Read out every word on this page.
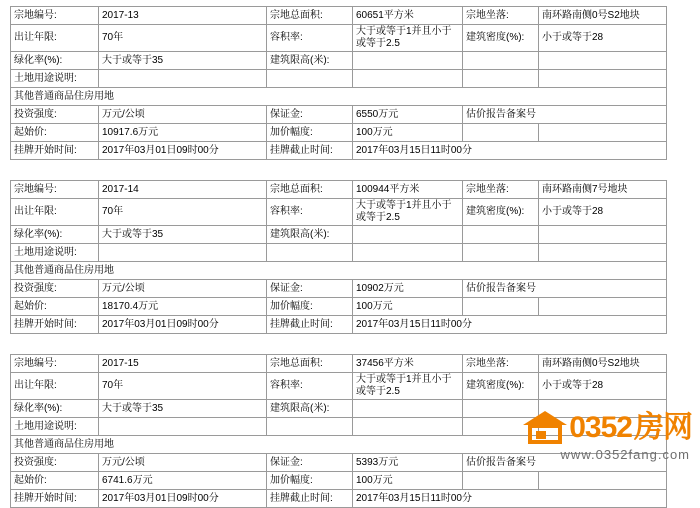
宗地编号:	2017-13	宗地总面积:	60651平方米	宗地坐落:	南环路南侧0号S2地块
出让年限:	70年	容积率:	大于或等于1并且小于或等于2.5	建筑密度(%):	小于或等于28
绿化率(%):	大于或等于35	建筑限高(米):			
土地用途说明:					
其他普通商品住房用地					
投资强度:	万元/公顷	保证金:	6550万元	估价报告备案号	
起始价:	10917.6万元	加价幅度:	100万元		
挂牌开始时间:	2017年03月01日09时00分	挂牌截止时间:	2017年03月15日11时00分		
宗地编号:	2017-14	宗地总面积:	100944平方米	宗地坐落:	南环路南侧7号地块
出让年限:	70年	容积率:	大于或等于1并且小于或等于2.5	建筑密度(%):	小于或等于28
绿化率(%):	大于或等于35	建筑限高(米):			
土地用途说明:					
其他普通商品住房用地					
投资强度:	万元/公顷	保证金:	10902万元	估价报告备案号	
起始价:	18170.4万元	加价幅度:	100万元		
挂牌开始时间:	2017年03月01日09时00分	挂牌截止时间:	2017年03月15日11时00分		
宗地编号:	2017-15	宗地总面积:	37456平方米	宗地坐落:	南环路南侧0号S2地块
出让年限:	70年	容积率:	大于或等于1并且小于或等于2.5	建筑密度(%):	小于或等于28
绿化率(%):	大于或等于35	建筑限高(米):			
土地用途说明:					
其他普通商品住房用地					
投资强度:	万元/公顷	保证金:	5393万元	估价报告备案号	
起始价:	6741.6万元	加价幅度:	100万元		
挂牌开始时间:	2017年03月01日09时00分	挂牌截止时间:	2017年03月15日11时00分		
0352 房网
www.0352fang.com
